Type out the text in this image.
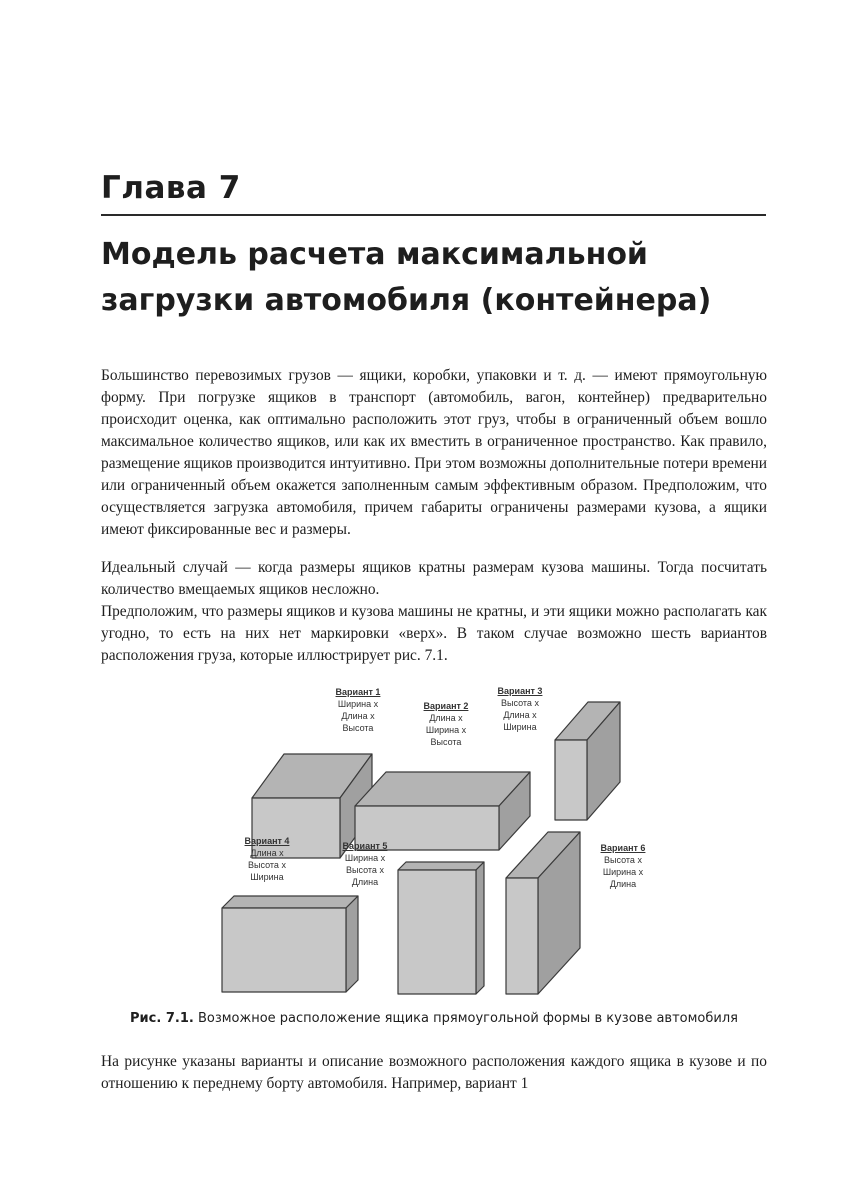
Глава 7
Модель расчета максимальной
загрузки автомобиля (контейнера)

Большинство перевозимых грузов — ящики, коробки, упаковки и т. д. — имеют прямоугольную форму. При погрузке ящиков в транспорт (автомобиль, вагон, контейнер) предварительно происходит оценка, как оптимально расположить этот груз, чтобы в ограниченный объем вошло максимальное количество ящиков, или как их вместить в ограниченное пространство. Как правило, размещение ящиков производится интуитивно. При этом возможны дополнительные потери времени или ограниченный объем окажется заполненным самым эффективным образом. Предположим, что осуществляется загрузка автомобиля, причем габариты ограничены размерами кузова, а ящики имеют фиксированные вес и размеры.

Идеальный случай — когда размеры ящиков кратны размерам кузова машины. Тогда посчитать количество вмещаемых ящиков несложно.

Предположим, что размеры ящиков и кузова машины не кратны, и эти ящики можно располагать как угодно, то есть на них нет маркировки «верх». В таком случае возможно шесть вариантов расположения груза, которые иллюстрирует рис. 7.1.

Вариант 1
Ширина х
Длина х
Высота
Вариант 2
Длина х
Ширина х
Высота
Вариант 3
Высота х
Длина х
Ширина
Вариант 4
Длина х
Высота х
Ширина
Вариант 5
Ширина х
Высота х
Длина
Вариант 6
Высота х
Ширина х
Длина

Рис. 7.1. Возможное расположение ящика прямоугольной формы в кузове автомобиля

На рисунке указаны варианты и описание возможного расположения каждого ящика в кузове и по отношению к переднему борту автомобиля. Например, вариант 1
